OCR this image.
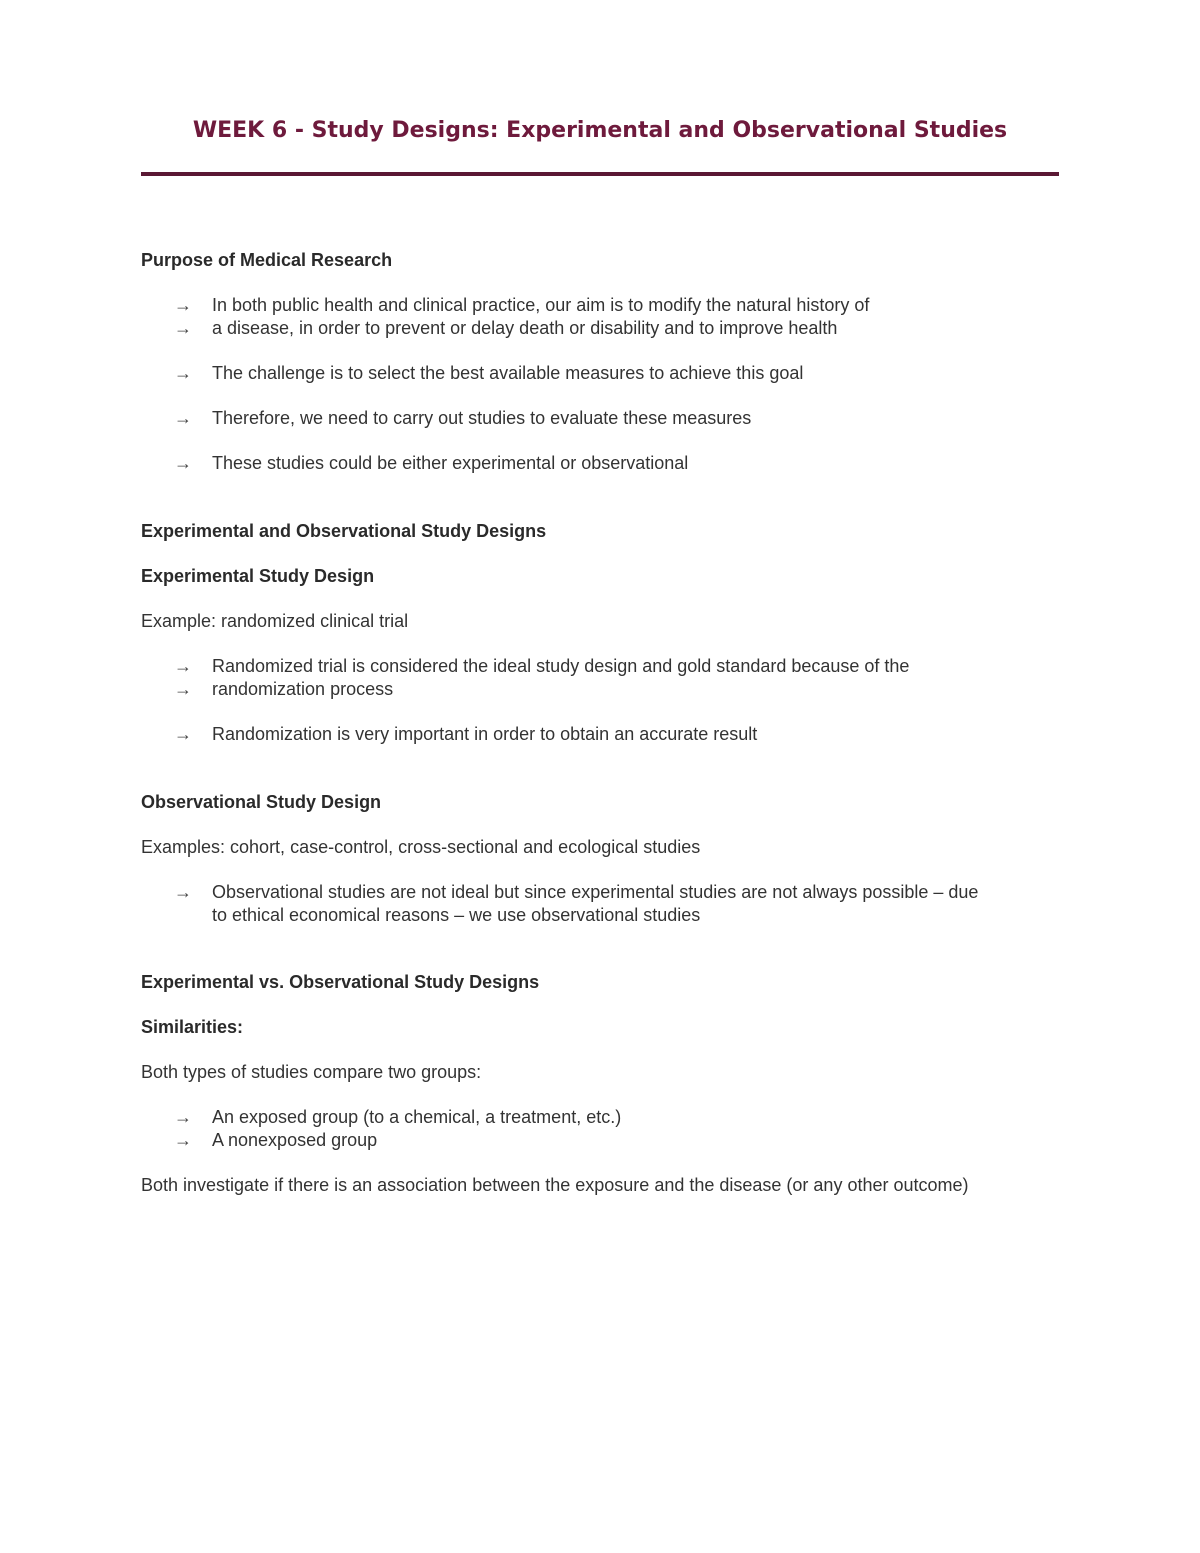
WEEK 6 - Study Designs: Experimental and Observational Studies
Purpose of Medical Research
→ In both public health and clinical practice, our aim is to modify the natural history of
→ a disease, in order to prevent or delay death or disability and to improve health
→ The challenge is to select the best available measures to achieve this goal
→ Therefore, we need to carry out studies to evaluate these measures
→ These studies could be either experimental or observational
Experimental and Observational Study Designs
Experimental Study Design
Example: randomized clinical trial
→ Randomized trial is considered the ideal study design and gold standard because of the
→ randomization process
→ Randomization is very important in order to obtain an accurate result
Observational Study Design
Examples: cohort, case-control, cross-sectional and ecological studies
→ Observational studies are not ideal but since experimental studies are not always possible – due
to ethical economical reasons – we use observational studies
Experimental vs. Observational Study Designs
Similarities:
Both types of studies compare two groups:
→ An exposed group (to a chemical, a treatment, etc.)
→ A nonexposed group
Both investigate if there is an association between the exposure and the disease (or any other outcome)
